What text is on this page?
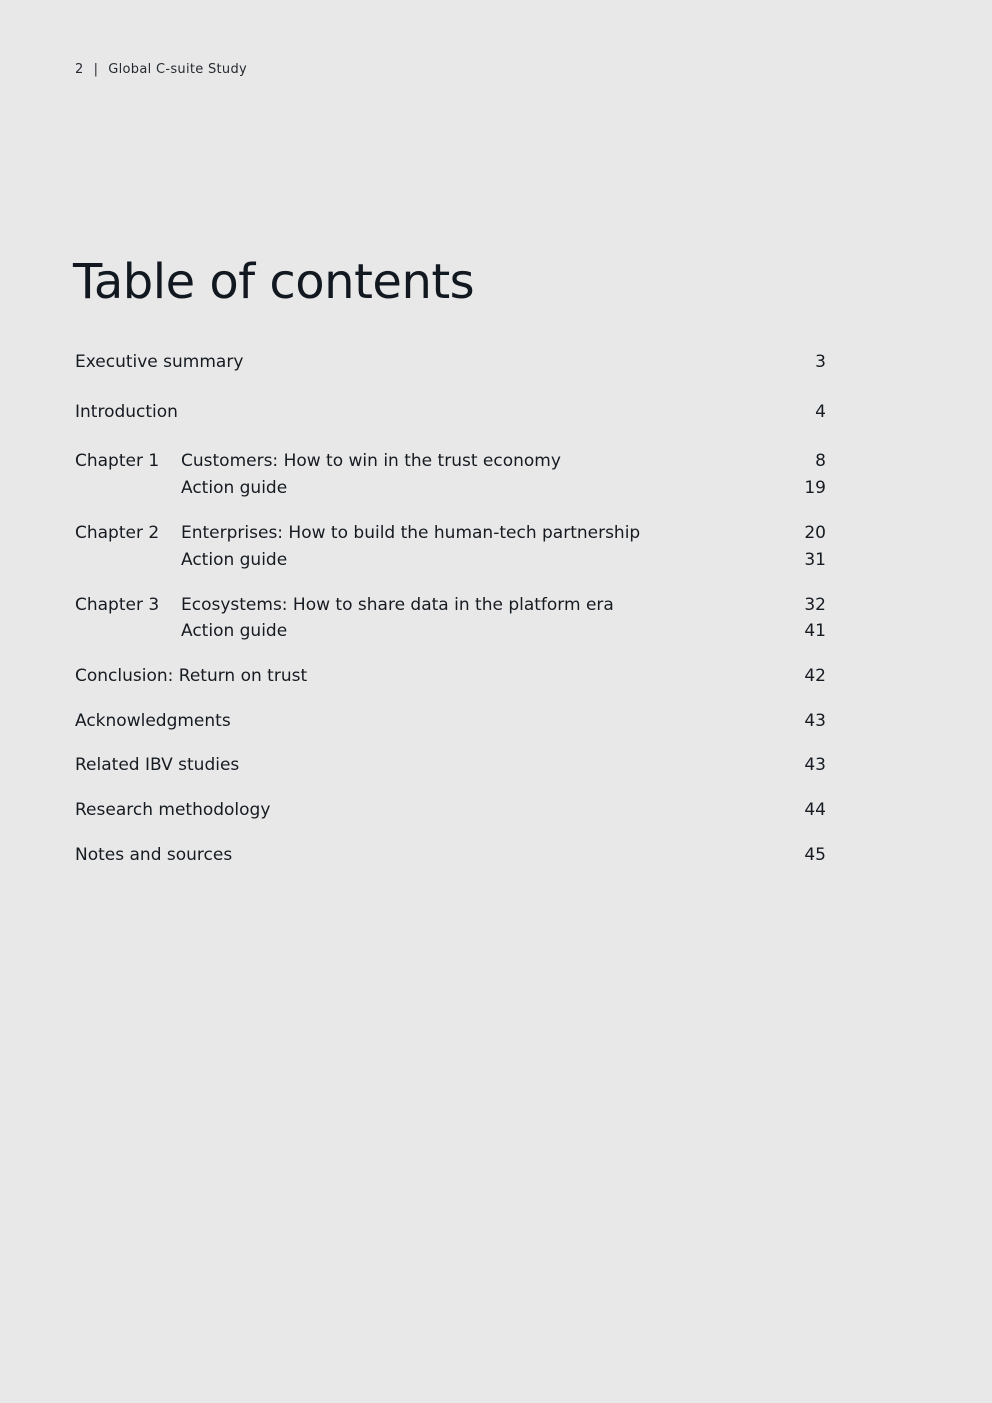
2 | Global C-suite Study
Table of contents
Executive summary	3
Introduction	4
Chapter 1 Customers: How to win in the trust economy	8
Action guide	19
Chapter 2 Enterprises: How to build the human-tech partnership	20
Action guide	31
Chapter 3 Ecosystems: How to share data in the platform era	32
Action guide	41
Conclusion: Return on trust	42
Acknowledgments	43
Related IBV studies	43
Research methodology	44
Notes and sources	45
